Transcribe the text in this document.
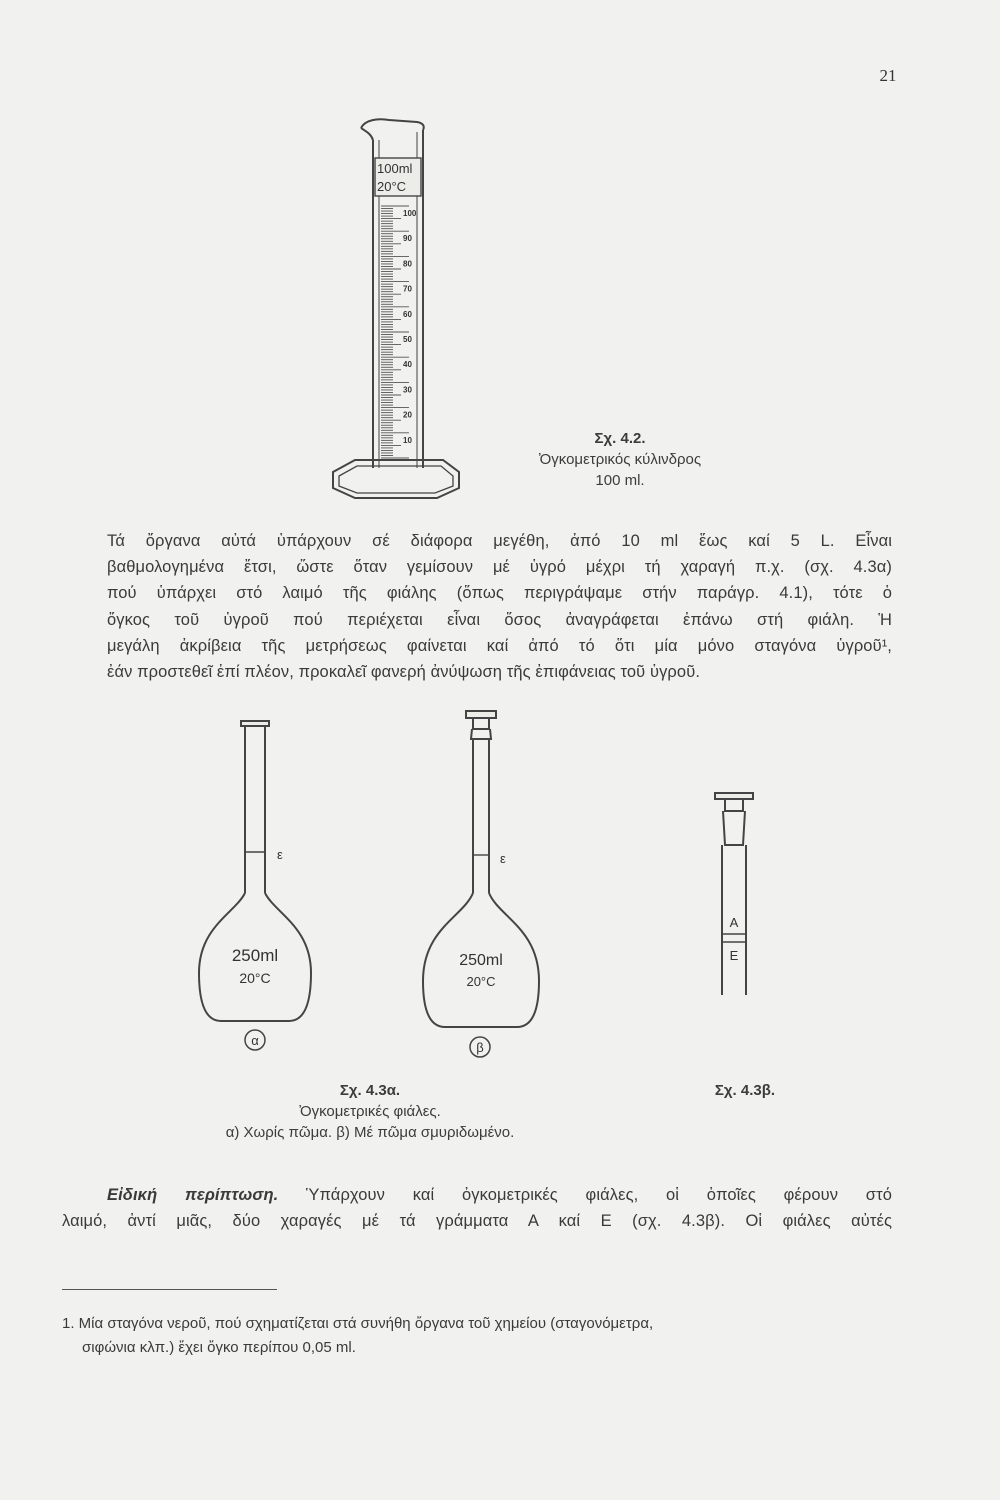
21
100ml
20°C
100
90
80
70
60
50
40
30
20
10	Σχ. 4.2.
Ὀγκομετρικός κύλινδρος
100 ml.
Τά ὄργανα αὐτά ὑπάρχουν σέ διάφορα μεγέθη, ἀπό 10 ml ἕως καί 5 L. Εἶναι
βαθμολογημένα ἔτσι, ὥστε ὅταν γεμίσουν μέ ὑγρό μέχρι τή χαραγή π.χ. (σχ. 4.3α)
πού ὑπάρχει στό λαιμό τῆς φιάλης (ὅπως περιγράψαμε στήν παράγρ. 4.1), τότε ὁ
ὄγκος τοῦ ὑγροῦ πού περιέχεται εἶναι ὅσος ἀναγράφεται ἐπάνω στή φιάλη. Ἡ
μεγάλη ἀκρίβεια τῆς μετρήσεως φαίνεται καί ἀπό τό ὅτι μία μόνο σταγόνα ὑγροῦ¹,
ἐάν προστεθεῖ ἐπί πλέον, προκαλεῖ φανερή ἀνύψωση τῆς ἐπιφάνειας τοῦ ὑγροῦ.
ε
250ml
20°C
α
ε
250ml
20°C
β
A
E
Σχ. 4.3α.
Ὀγκομετρικές φιάλες.
α) Χωρίς πῶμα. β) Μέ πῶμα σμυριδωμένο.
Σχ. 4.3β.
Εἰδική περίπτωση. Ὑπάρχουν καί ὀγκομετρικές φιάλες, οἱ ὁποῖες φέρουν στό
λαιμό, ἀντί μιᾶς, δύο χαραγές μέ τά γράμματα Α καί Ε (σχ. 4.3β). Οἱ φιάλες αὐτές
1. Μία σταγόνα νεροῦ, πού σχηματίζεται στά συνήθη ὄργανα τοῦ χημείου (σταγονόμετρα,
σιφώνια κλπ.) ἔχει ὄγκο περίπου 0,05 ml.
